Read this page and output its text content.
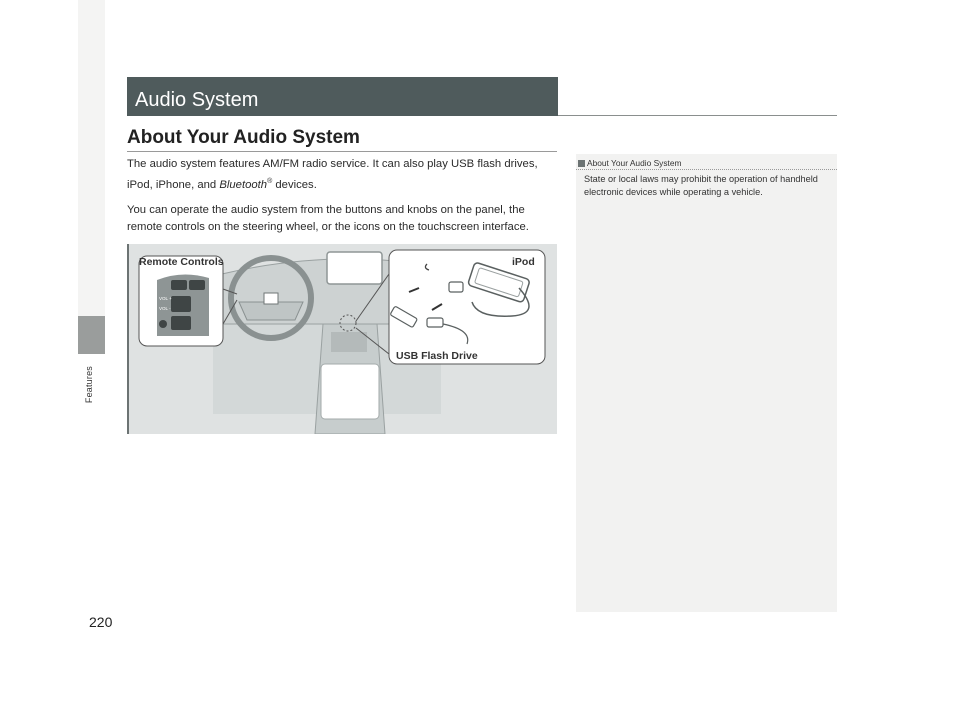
Features
220
Audio System
About Your Audio System
The audio system features AM/FM radio service. It can also play USB flash drives, iPod, iPhone, and Bluetooth® devices.
You can operate the audio system from the buttons and knobs on the panel, the remote controls on the steering wheel, or the icons on the touchscreen interface.
About Your Audio System
State or local laws may prohibit the operation of handheld electronic devices while operating a vehicle.
VOL +
VOL -
Remote Controls	iPod
USB Flash Drive
